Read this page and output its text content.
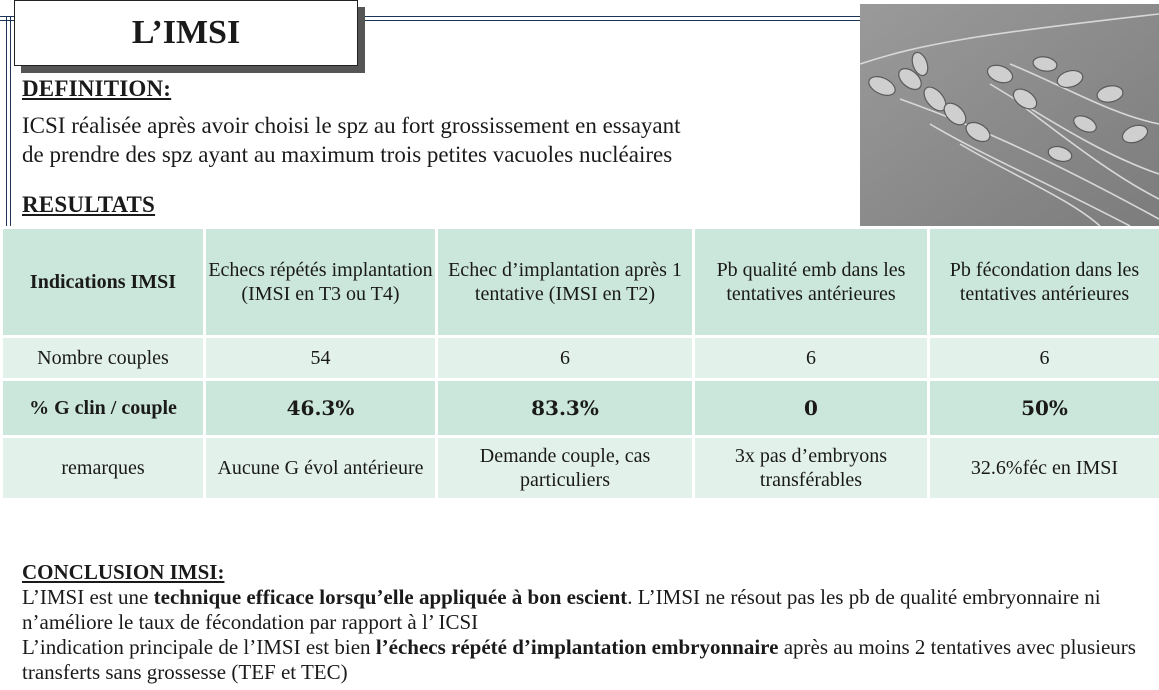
L’IMSI
DEFINITION:
ICSI réalisée après avoir choisi le spz au fort grossissement en essayant
de prendre des spz ayant au maximum trois petites vacuoles nucléaires
RESULTATS
Indications IMSI	Echecs répétés implantation (IMSI en T3 ou T4)	Echec d’implantation après 1 tentative (IMSI en T2)	Pb qualité emb dans les tentatives antérieures	Pb fécondation dans les tentatives antérieures
Nombre couples	54	6	6	6
% G clin / couple	46.3%	83.3%	0	50%
remarques	Aucune G évol antérieure	Demande couple, cas particuliers	3x pas d’embryons transférables	32.6%féc en IMSI

CONCLUSION IMSI:

L’IMSI est une technique efficace lorsqu’elle appliquée à bon escient. L’IMSI ne résout pas les pb de qualité embryonnaire ni n’améliore le taux de fécondation par rapport à l’ ICSI

L’indication principale de l’IMSI est bien l’échecs répété d’implantation embryonnaire après au moins 2 tentatives avec plusieurs transferts sans grossesse (TEF et TEC)
